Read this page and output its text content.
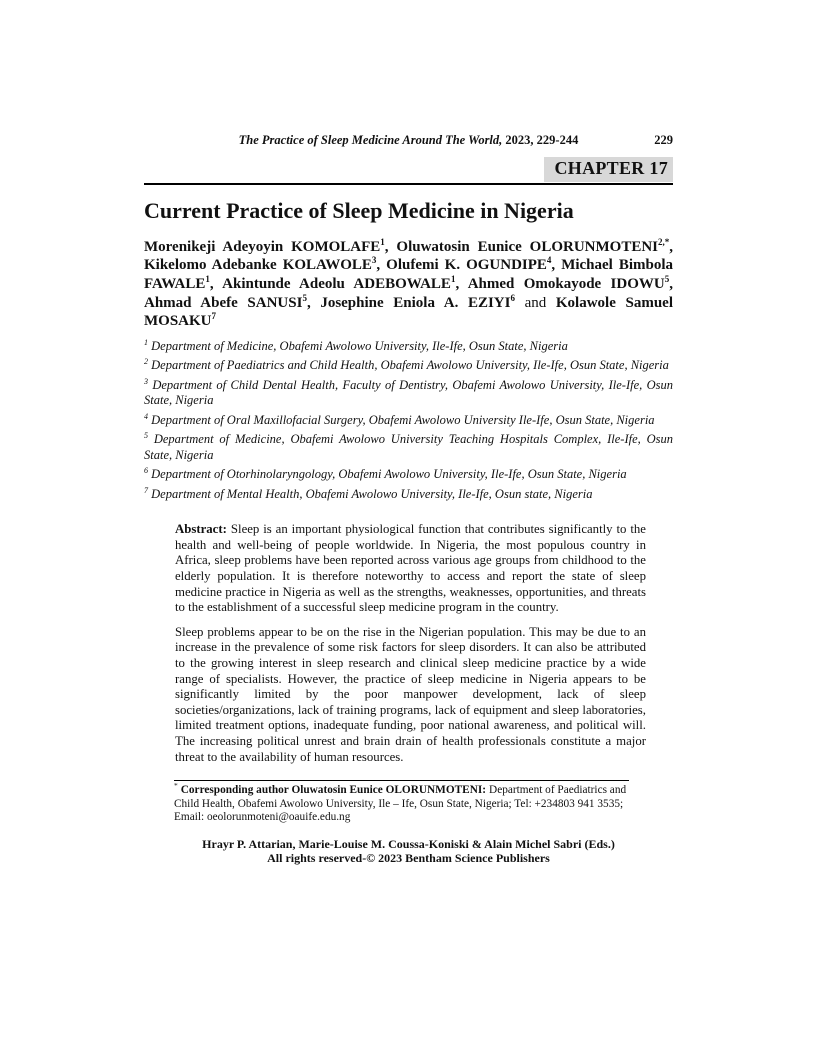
The Practice of Sleep Medicine Around The World, 2023, 229-244	229
CHAPTER 17
Current Practice of Sleep Medicine in Nigeria

Morenikeji Adeyoyin KOMOLAFE$^1$, Oluwatosin Eunice $OLORUNMOTENI^{2,*}$, Kikelomo Adebanke KOLAWOLE$^3$, Olufemi K. OGUNDIPE$^4$, Michael Bimbola FAWALE$^1$, Akintunde Adeolu ADEBOWALE$^1$, Ahmed Omokayode IDOWU$^5$, Ahmad Abefe SANUSI$^5$, Josephine Eniola A. EZIYI$^6$ and Kolawole Samuel MOSAKU$^7$

$^1$ Department of Medicine, Obafemi Awolowo University, Ile-Ife, Osun State, Nigeria

$^2$ Department of Paediatrics and Child Health, Obafemi Awolowo University, Ile-Ife, Osun State, Nigeria

$^3$ Department of Child Dental Health, Faculty of Dentistry, Obafemi Awolowo University, Ile-Ife, Osun State, Nigeria

$^4$ Department of Oral Maxillofacial Surgery, Obafemi Awolowo University Ile-Ife, Osun State, Nigeria

$^5$ Department of Medicine, Obafemi Awolowo University Teaching Hospitals Complex, Ile-Ife, Osun State, Nigeria

$^6$ Department of Otorhinolaryngology, Obafemi Awolowo University, Ile-Ife, Osun State, Nigeria

$^7$ Department of Mental Health, Obafemi Awolowo University, Ile-Ife, Osun state, Nigeria

Abstract: Sleep is an important physiological function that contributes significantly to the health and well-being of people worldwide. In Nigeria, the most populous country in Africa, sleep problems have been reported across various age groups from childhood to the elderly population. It is therefore noteworthy to access and report the state of sleep medicine practice in Nigeria as well as the strengths, weaknesses, opportunities, and threats to the establishment of a successful sleep medicine program in the country.

Sleep problems appear to be on the rise in the Nigerian population. This may be due to an increase in the prevalence of some risk factors for sleep disorders. It can also be attributed to the growing interest in sleep research and clinical sleep medicine practice by a wide range of specialists. However, the practice of sleep medicine in Nigeria appears to be significantly limited by the poor manpower development, lack of sleep societies/organizations, lack of training programs, lack of equipment and sleep laboratories, limited treatment options, inadequate funding, poor national awareness, and political will. The increasing political unrest and brain drain of health professionals constitute a major threat to the availability of human resources.

* Corresponding author Oluwatosin Eunice OLORUNMOTENI: Department of Paediatrics and Child Health, Obafemi Awolowo University, Ile – Ife, Osun State, Nigeria; Tel: +234803 941 3535; Email: oeolorunmoteni@oauife.edu.ng

Hrayr P. Attarian, Marie-Louise M. Coussa-Koniski & Alain Michel Sabri (Eds.)
All rights reserved-© 2023 Bentham Science Publishers
